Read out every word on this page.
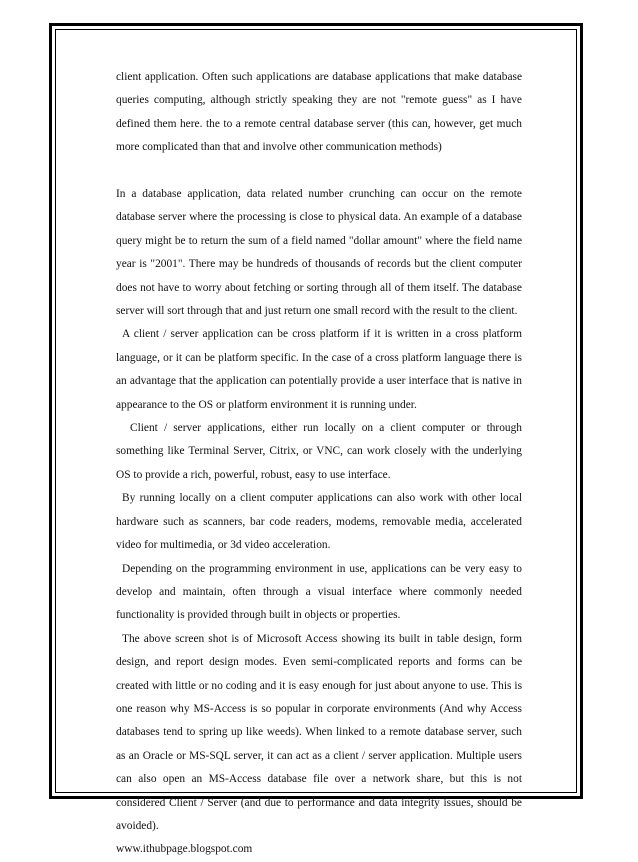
client application. Often such applications are database applications that make database queries computing, although strictly speaking they are not "remote guess" as I have defined them here. the to a remote central database server (this can, however, get much more complicated than that and involve other communication methods)

In a database application, data related number crunching can occur on the remote database server where the processing is close to physical data. An example of a database query might be to return the sum of a field named "dollar amount" where the field name year is "2001". There may be hundreds of thousands of records but the client computer does not have to worry about fetching or sorting through all of them itself. The database server will sort through that and just return one small record with the result to the client.

A client / server application can be cross platform if it is written in a cross platform language, or it can be platform specific. In the case of a cross platform language there is an advantage that the application can potentially provide a user interface that is native in appearance to the OS or platform environment it is running under.

Client / server applications, either run locally on a client computer or through something like Terminal Server, Citrix, or VNC, can work closely with the underlying OS to provide a rich, powerful, robust, easy to use interface.

By running locally on a client computer applications can also work with other local hardware such as scanners, bar code readers, modems, removable media, accelerated video for multimedia, or 3d video acceleration.

Depending on the programming environment in use, applications can be very easy to develop and maintain, often through a visual interface where commonly needed functionality is provided through built in objects or properties.

The above screen shot is of Microsoft Access showing its built in table design, form design, and report design modes. Even semi-complicated reports and forms can be created with little or no coding and it is easy enough for just about anyone to use. This is one reason why MS-Access is so popular in corporate environments (And why Access databases tend to spring up like weeds). When linked to a remote database server, such as an Oracle or MS-SQL server, it can act as a client / server application. Multiple users can also open an MS-Access database file over a network share, but this is not considered Client / Server (and due to performance and data integrity issues, should be avoided).

www.ithubpage.blogspot.com
